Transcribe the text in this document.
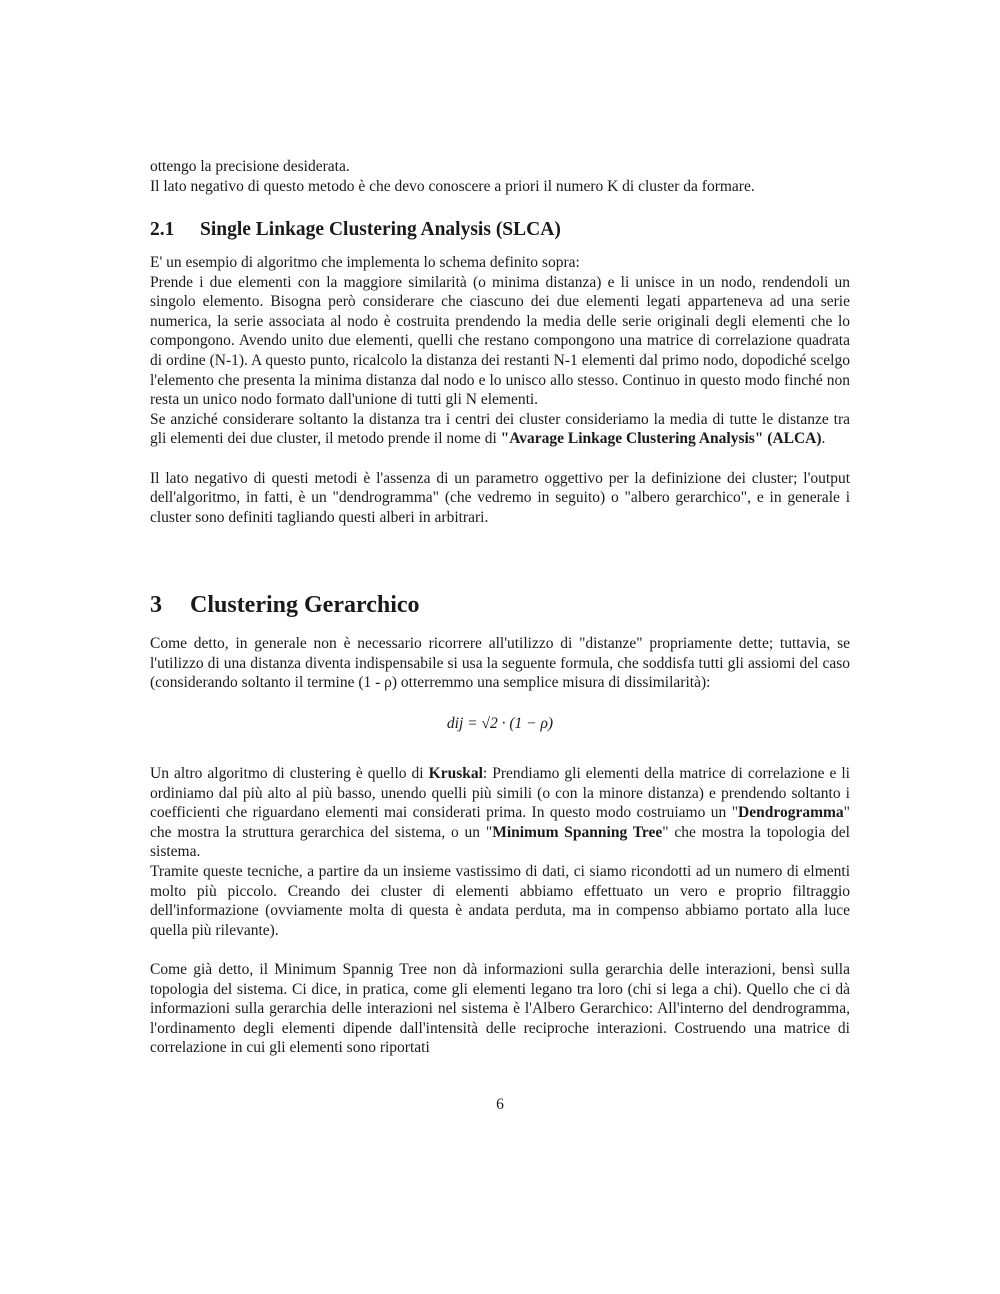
ottengo la precisione desiderata.

Il lato negativo di questo metodo è che devo conoscere a priori il numero K di cluster da formare.

2.1 Single Linkage Clustering Analysis (SLCA)

E' un esempio di algoritmo che implementa lo schema definito sopra:

Prende i due elementi con la maggiore similarità (o minima distanza) e li unisce in un nodo, rendendoli un singolo elemento. Bisogna però considerare che ciascuno dei due elementi legati apparteneva ad una serie numerica, la serie associata al nodo è costruita prendendo la media delle serie originali degli elementi che lo compongono. Avendo unito due elementi, quelli che restano compongono una matrice di correlazione quadrata di ordine (N-1). A questo punto, ricalcolo la distanza dei restanti N-1 elementi dal primo nodo, dopodiché scelgo l'elemento che presenta la minima distanza dal nodo e lo unisco allo stesso. Continuo in questo modo finché non resta un unico nodo formato dall'unione di tutti gli N elementi.

Se anziché considerare soltanto la distanza tra i centri dei cluster consideriamo la media di tutte le distanze tra gli elementi dei due cluster, il metodo prende il nome di "Avarage Linkage Clustering Analysis" (ALCA).

Il lato negativo di questi metodi è l'assenza di un parametro oggettivo per la definizione dei cluster; l'output dell'algoritmo, in fatti, è un "dendrogramma" (che vedremo in seguito) o "albero gerarchico", e in generale i cluster sono definiti tagliando questi alberi in arbitrari.

3 Clustering Gerarchico

Come detto, in generale non è necessario ricorrere all'utilizzo di "distanze" propriamente dette; tuttavia, se l'utilizzo di una distanza diventa indispensabile si usa la seguente formula, che soddisfa tutti gli assiomi del caso (considerando soltanto il termine (1 - ρ) otterremmo una semplice misura di dissimilarità):

dij = √2 · (1 − ρ)

Un altro algoritmo di clustering è quello di Kruskal: Prendiamo gli elementi della matrice di correlazione e li ordiniamo dal più alto al più basso, unendo quelli più simili (o con la minore distanza) e prendendo soltanto i coefficienti che riguardano elementi mai considerati prima. In questo modo costruiamo un "Dendrogramma" che mostra la struttura gerarchica del sistema, o un "Minimum Spanning Tree" che mostra la topologia del sistema.

Tramite queste tecniche, a partire da un insieme vastissimo di dati, ci siamo ricondotti ad un numero di elmenti molto più piccolo. Creando dei cluster di elementi abbiamo effettuato un vero e proprio filtraggio dell'informazione (ovviamente molta di questa è andata perduta, ma in compenso abbiamo portato alla luce quella più rilevante).

Come già detto, il Minimum Spannig Tree non dà informazioni sulla gerarchia delle interazioni, bensì sulla topologia del sistema. Ci dice, in pratica, come gli elementi legano tra loro (chi si lega a chi). Quello che ci dà informazioni sulla gerarchia delle interazioni nel sistema è l'Albero Gerarchico: All'interno del dendrogramma, l'ordinamento degli elementi dipende dall'intensità delle reciproche interazioni. Costruendo una matrice di correlazione in cui gli elementi sono riportati

6
